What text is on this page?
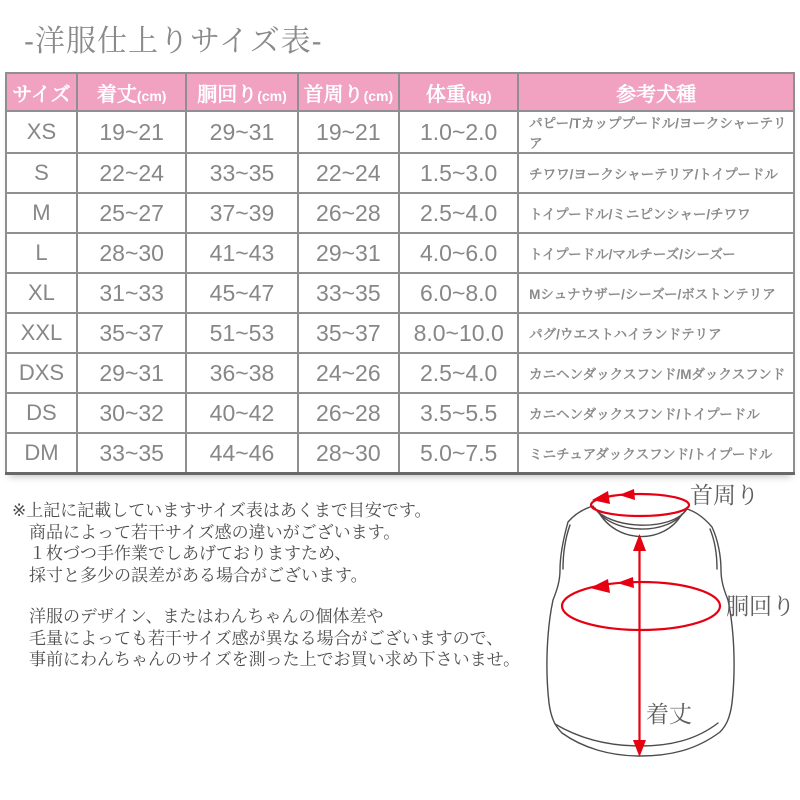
-洋服仕上りサイズ表-
サイズ	着丈(cm)	胴回り(cm)	首周り(cm)	体重(kg)	参考犬種
XS	19~21	29~31	19~21	1.0~2.0	パピー/Tカッププードル/ヨークシャーテリア
S	22~24	33~35	22~24	1.5~3.0	チワワ/ヨークシャーテリア/トイプードル
M	25~27	37~39	26~28	2.5~4.0	トイプードル/ミニピンシャー/チワワ
L	28~30	41~43	29~31	4.0~6.0	トイプードル/マルチーズ/シーズー
XL	31~33	45~47	33~35	6.0~8.0	Mシュナウザー/シーズー/ボストンテリア
XXL	35~37	51~53	35~37	8.0~10.0	パグ/ウエストハイランドテリア
DXS	29~31	36~38	24~26	2.5~4.0	カニヘンダックスフンド/Mダックスフンド
DS	30~32	40~42	26~28	3.5~5.5	カニヘンダックスフンド/トイプードル
DM	33~35	44~46	28~30	5.0~7.5	ミニチュアダックスフンド/トイプードル
※上記に記載していますサイズ表はあくまで目安です。
商品によって若干サイズ感の違いがございます。
１枚づつ手作業でしあげておりますため、
採寸と多少の誤差がある場合がございます。
洋服のデザイン、またはわんちゃんの個体差や
毛量によっても若干サイズ感が異なる場合がございますので、
事前にわんちゃんのサイズを測った上でお買い求め下さいませ。
首周り
胴回り
着丈
